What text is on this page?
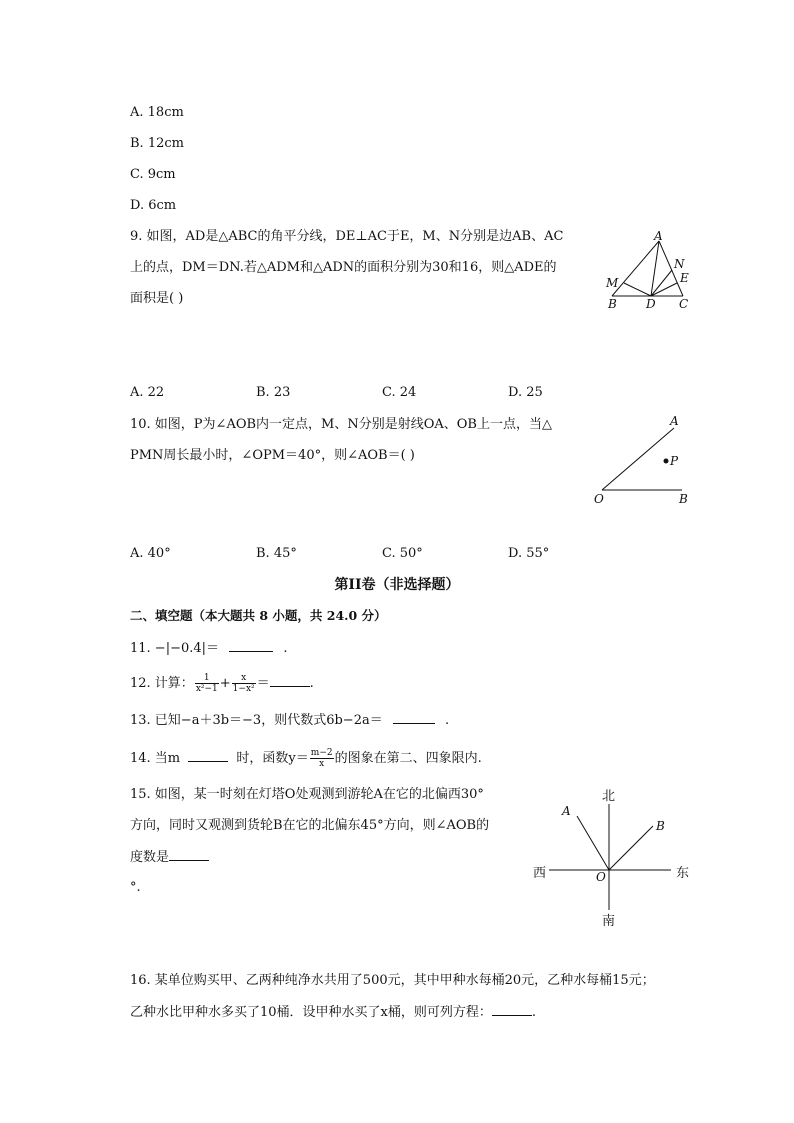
A. 18cm
B. 12cm
C. 9cm
D. 6cm
9. 如图，AD是△ABC的角平分线，DE⊥AC于E，M、N分别是边AB、AC
上的点，DM＝DN.若△ADM和△ADN的面积分别为30和16，则△ADE的
面积是( )
A
N
E
M
B D C
A. 22	B. 23	C. 24	D. 25
10. 如图，P为∠AOB内一定点，M、N分别是射线OA、OB上一点，当△
PMN周长最小时，∠OPM＝40°，则∠AOB＝( )
A
P
O	B
A. 40°	B. 45°	C. 50°	D. 55°
第II卷（非选择题）
二、填空题（本大题共 8 小题，共 24.0 分）
11. −|−0.4|＝	.
12. 计算： $\frac{1}{\text{x²−1}} + \frac{x}{\text{1−x²}}$ ＝	.
13. 已知−a＋3b＝−3，则代数式6b−2a＝	.
14. 当m	时，函数$y= \frac{m-2}{x}$ 的图象在第二、四象限内.
15. 如图，某一时刻在灯塔O处观测到游轮A在它的北偏西30°
方向，同时又观测到货轮B在它的北偏东45°方向，则∠AOB的
度数是
°.
北
南
西	东
A
B
O
16. 某单位购买甲、乙两种纯净水共用了500元，其中甲种水每桶20元，乙种水每桶15元；
乙种水比甲种水多买了10桶．设甲种水买了x桶，则可列方程：	.
